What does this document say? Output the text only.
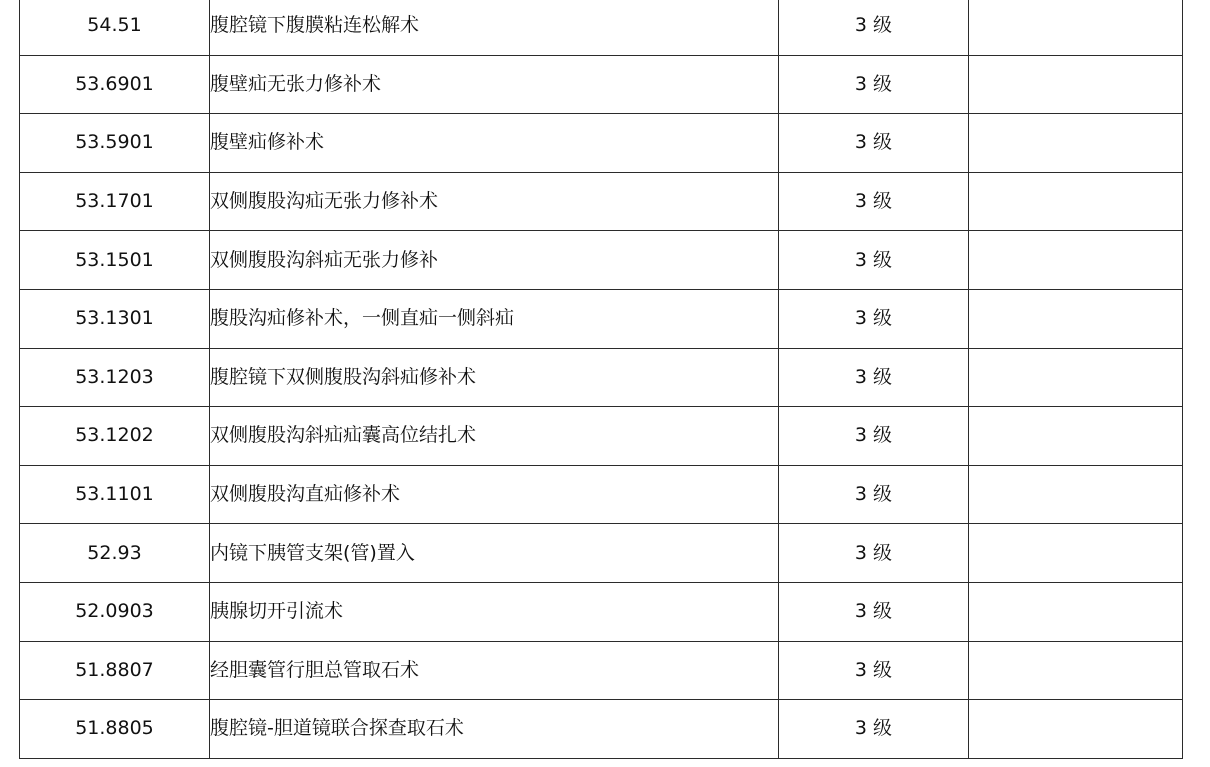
54.51	腹腔镜下腹膜粘连松解术	3 级	
53.6901	腹壁疝无张力修补术	3 级	
53.5901	腹壁疝修补术	3 级	
53.1701	双侧腹股沟疝无张力修补术	3 级	
53.1501	双侧腹股沟斜疝无张力修补	3 级	
53.1301	腹股沟疝修补术，一侧直疝一侧斜疝	3 级	
53.1203	腹腔镜下双侧腹股沟斜疝修补术	3 级	
53.1202	双侧腹股沟斜疝疝囊高位结扎术	3 级	
53.1101	双侧腹股沟直疝修补术	3 级	
52.93	内镜下胰管支架(管)置入	3 级	
52.0903	胰腺切开引流术	3 级	
51.8807	经胆囊管行胆总管取石术	3 级	
51.8805	腹腔镜-胆道镜联合探查取石术	3 级	
